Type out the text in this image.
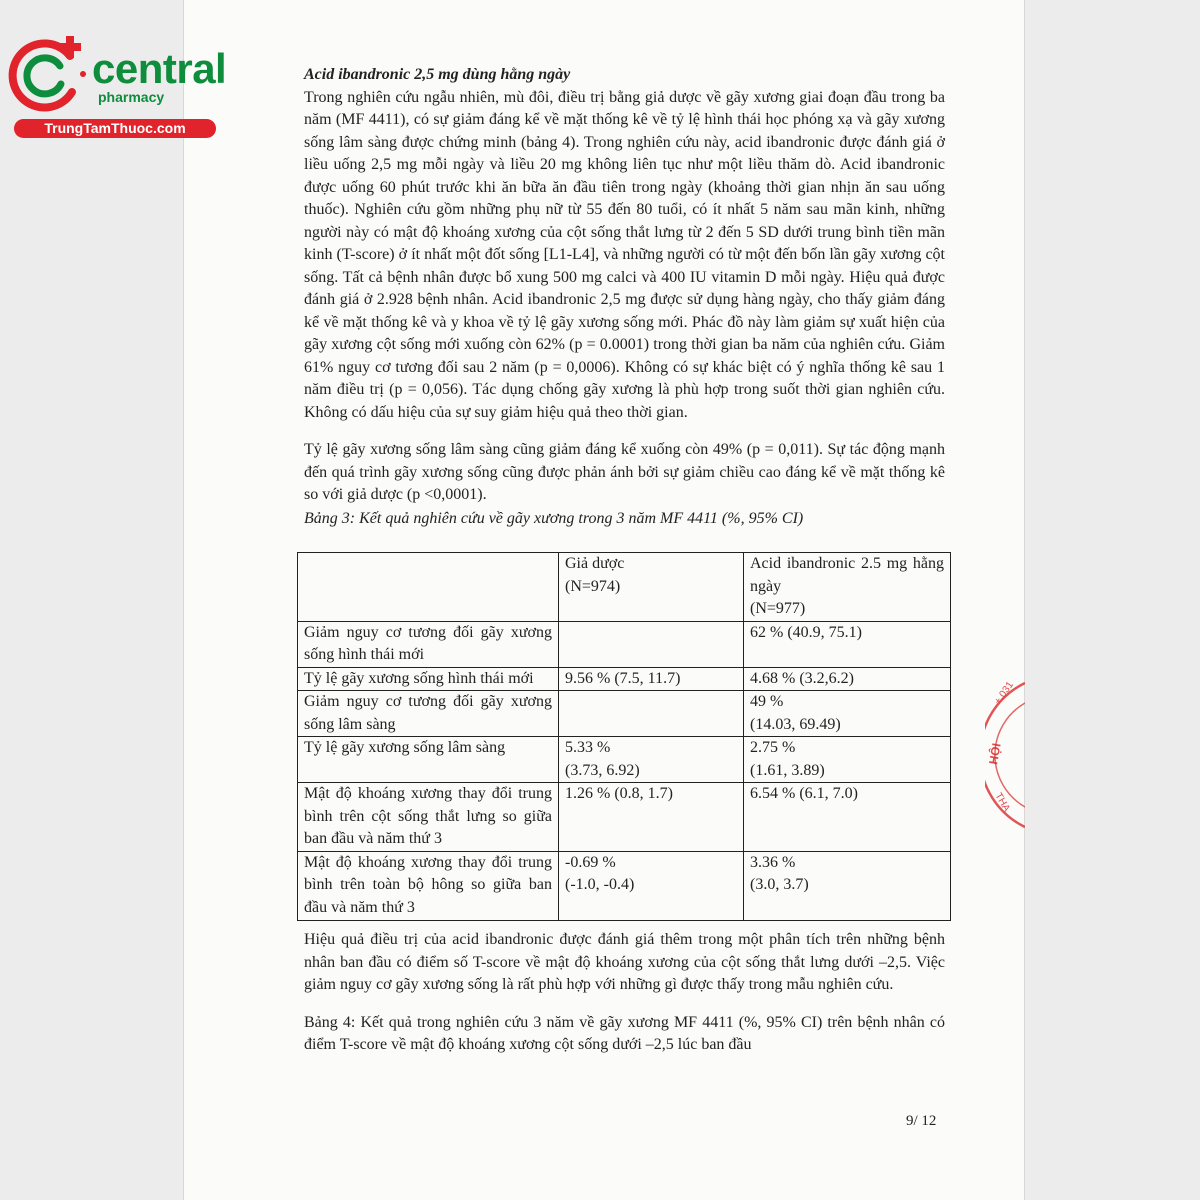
central
pharmacy
TrungTamThuoc.com

Acid ibandronic 2,5 mg dùng hằng ngày

Trong nghiên cứu ngẫu nhiên, mù đôi, điều trị bằng giả dược về gãy xương giai đoạn đầu trong ba năm (MF 4411), có sự giảm đáng kể về mặt thống kê về tỷ lệ hình thái học phóng xạ và gãy xương sống lâm sàng được chứng minh (bảng 4). Trong nghiên cứu này, acid ibandronic được đánh giá ở liều uống 2,5 mg mỗi ngày và liều 20 mg không liên tục như một liều thăm dò. Acid ibandronic được uống 60 phút trước khi ăn bữa ăn đầu tiên trong ngày (khoảng thời gian nhịn ăn sau uống thuốc). Nghiên cứu gồm những phụ nữ từ 55 đến 80 tuổi, có ít nhất 5 năm sau mãn kinh, những người này có mật độ khoáng xương của cột sống thắt lưng từ 2 đến 5 SD dưới trung bình tiền mãn kinh (T-score) ở ít nhất một đốt sống [L1-L4], và những người có từ một đến bốn lần gãy xương cột sống. Tất cả bệnh nhân được bổ xung 500 mg calci và 400 IU vitamin D mỗi ngày. Hiệu quả được đánh giá ở 2.928 bệnh nhân. Acid ibandronic 2,5 mg được sử dụng hàng ngày, cho thấy giảm đáng kể về mặt thống kê và y khoa về tỷ lệ gãy xương sống mới. Phác đồ này làm giảm sự xuất hiện của gãy xương cột sống mới xuống còn 62% (p = 0.0001) trong thời gian ba năm của nghiên cứu. Giảm 61% nguy cơ tương đối sau 2 năm (p = 0,0006). Không có sự khác biệt có ý nghĩa thống kê sau 1 năm điều trị (p = 0,056). Tác dụng chống gãy xương là phù hợp trong suốt thời gian nghiên cứu. Không có dấu hiệu của sự suy giảm hiệu quả theo thời gian.

Tỷ lệ gãy xương sống lâm sàng cũng giảm đáng kể xuống còn 49% (p = 0,011). Sự tác động mạnh đến quá trình gãy xương sống cũng được phản ánh bởi sự giảm chiều cao đáng kể về mặt thống kê so với giả dược (p <0,0001).

Bảng 3: Kết quả nghiên cứu về gãy xương trong 3 năm MF 4411 (%, 95% CI)

	Giả dược
(N=974)	Acid ibandronic 2.5 mg hằng ngày
(N=977)

Giảm nguy cơ tương đối gãy xương sống hình thái mới		62 % (40.9, 75.1)

Tỷ lệ gãy xương sống hình thái mới	9.56 % (7.5, 11.7)	4.68 % (3.2,6.2)

Giảm nguy cơ tương đối gãy xương sống lâm sàng		49 %
(14.03, 69.49)

Tỷ lệ gãy xương sống lâm sàng	5.33 %
(3.73, 6.92)	2.75 %
(1.61, 3.89)

Mật độ khoáng xương thay đổi trung bình trên cột sống thắt lưng so giữa ban đầu và năm thứ 3	1.26 % (0.8, 1.7)	6.54 % (6.1, 7.0)

Mật độ khoáng xương thay đổi trung bình trên toàn bộ hông so giữa ban đầu và năm thứ 3	-0.69 %
(-1.0, -0.4)	3.36 %
(3.0, 3.7)

Hiệu quả điều trị của acid ibandronic được đánh giá thêm trong một phân tích trên những bệnh nhân ban đầu có điểm số T-score về mật độ khoáng xương của cột sống thắt lưng dưới –2,5. Việc giảm nguy cơ gãy xương sống là rất phù hợp với những gì được thấy trong mẫu nghiên cứu.

Bảng 4: Kết quả trong nghiên cứu 3 năm về gãy xương MF 4411 (%, 95% CI) trên bệnh nhân có điểm T-score về mật độ khoáng xương cột sống dưới –2,5 lúc ban đầu

9/ 12
+.031
HỘI
THA
